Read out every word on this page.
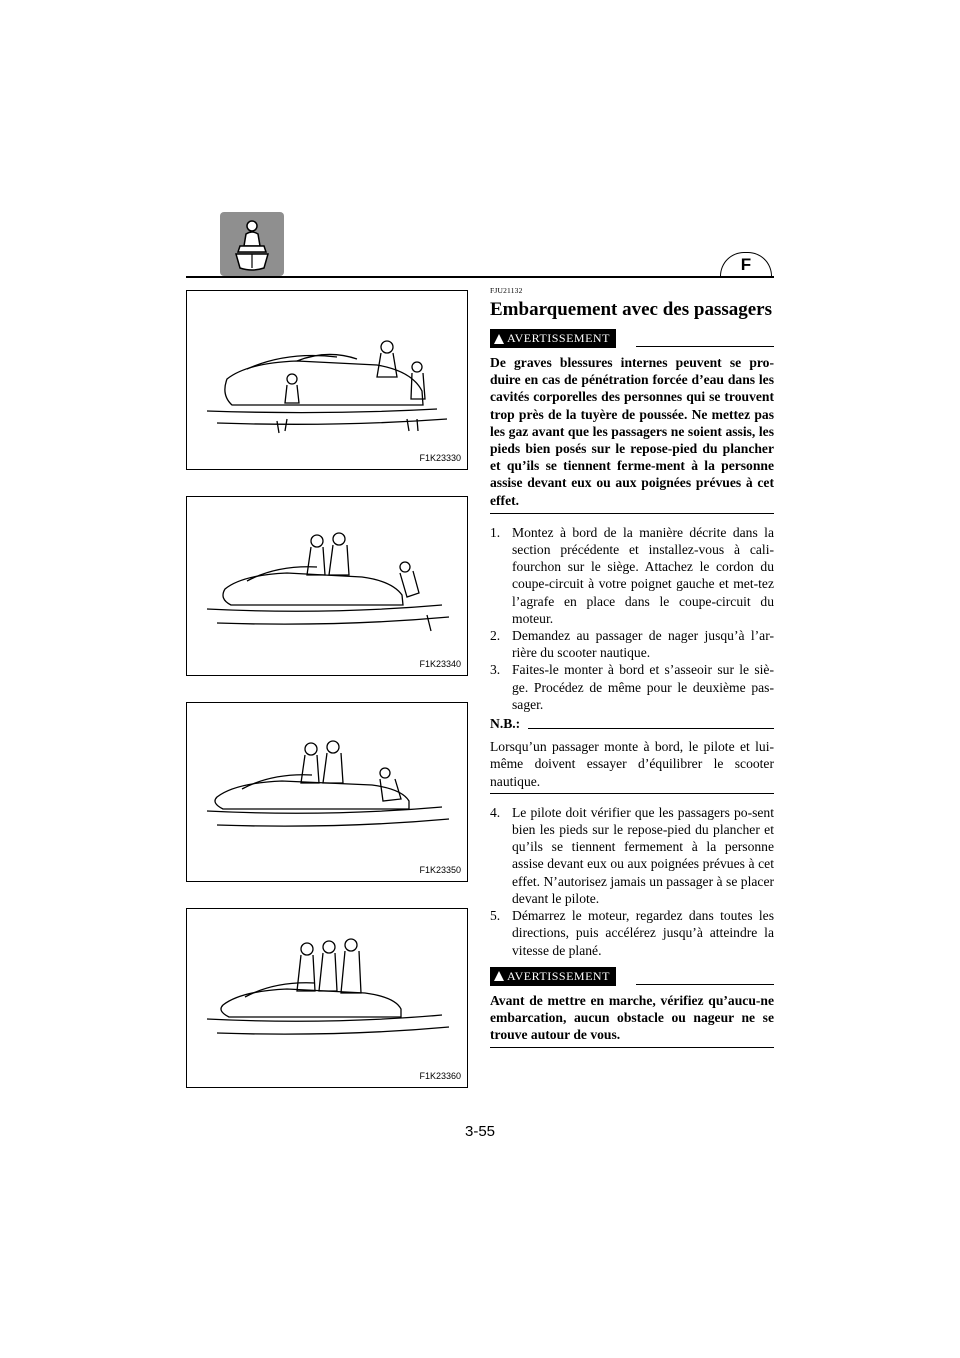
F
F1K23330
F1K23340
F1K23350
F1K23360
FJU21132
Embarquement avec des passagers
AVERTISSEMENT
De graves blessures internes peuvent se pro-duire en cas de pénétration forcée d’eau dans les cavités corporelles des personnes qui se trouvent trop près de la tuyère de poussée. Ne mettez pas les gaz avant que les passagers ne soient assis, les pieds bien posés sur le repose-pied du plancher et qu’ils se tiennent ferme-ment à la personne assise devant eux ou aux poignées prévues à cet effet.
1. Montez à bord de la manière décrite dans la section précédente et installez-vous à cali-fourchon sur le siège. Attachez le cordon du coupe-circuit à votre poignet gauche et met-tez l’agrafe en place dans le coupe-circuit du moteur.
2. Demandez au passager de nager jusqu’à l’ar-rière du scooter nautique.
3. Faites-le monter à bord et s’asseoir sur le siè-ge. Procédez de même pour le deuxième pas-sager.
N.B.:
Lorsqu’un passager monte à bord, le pilote et lui-même doivent essayer d’équilibrer le scooter nautique.
4. Le pilote doit vérifier que les passagers po-sent bien les pieds sur le repose-pied du plancher et qu’ils se tiennent fermement à la personne assise devant eux ou aux poignées prévues à cet effet. N’autorisez jamais un passager à se placer devant le pilote.
5. Démarrez le moteur, regardez dans toutes les directions, puis accélérez jusqu’à atteindre la vitesse de plané.
AVERTISSEMENT
Avant de mettre en marche, vérifiez qu’aucu-ne embarcation, aucun obstacle ou nageur ne se trouve autour de vous.
3-55
